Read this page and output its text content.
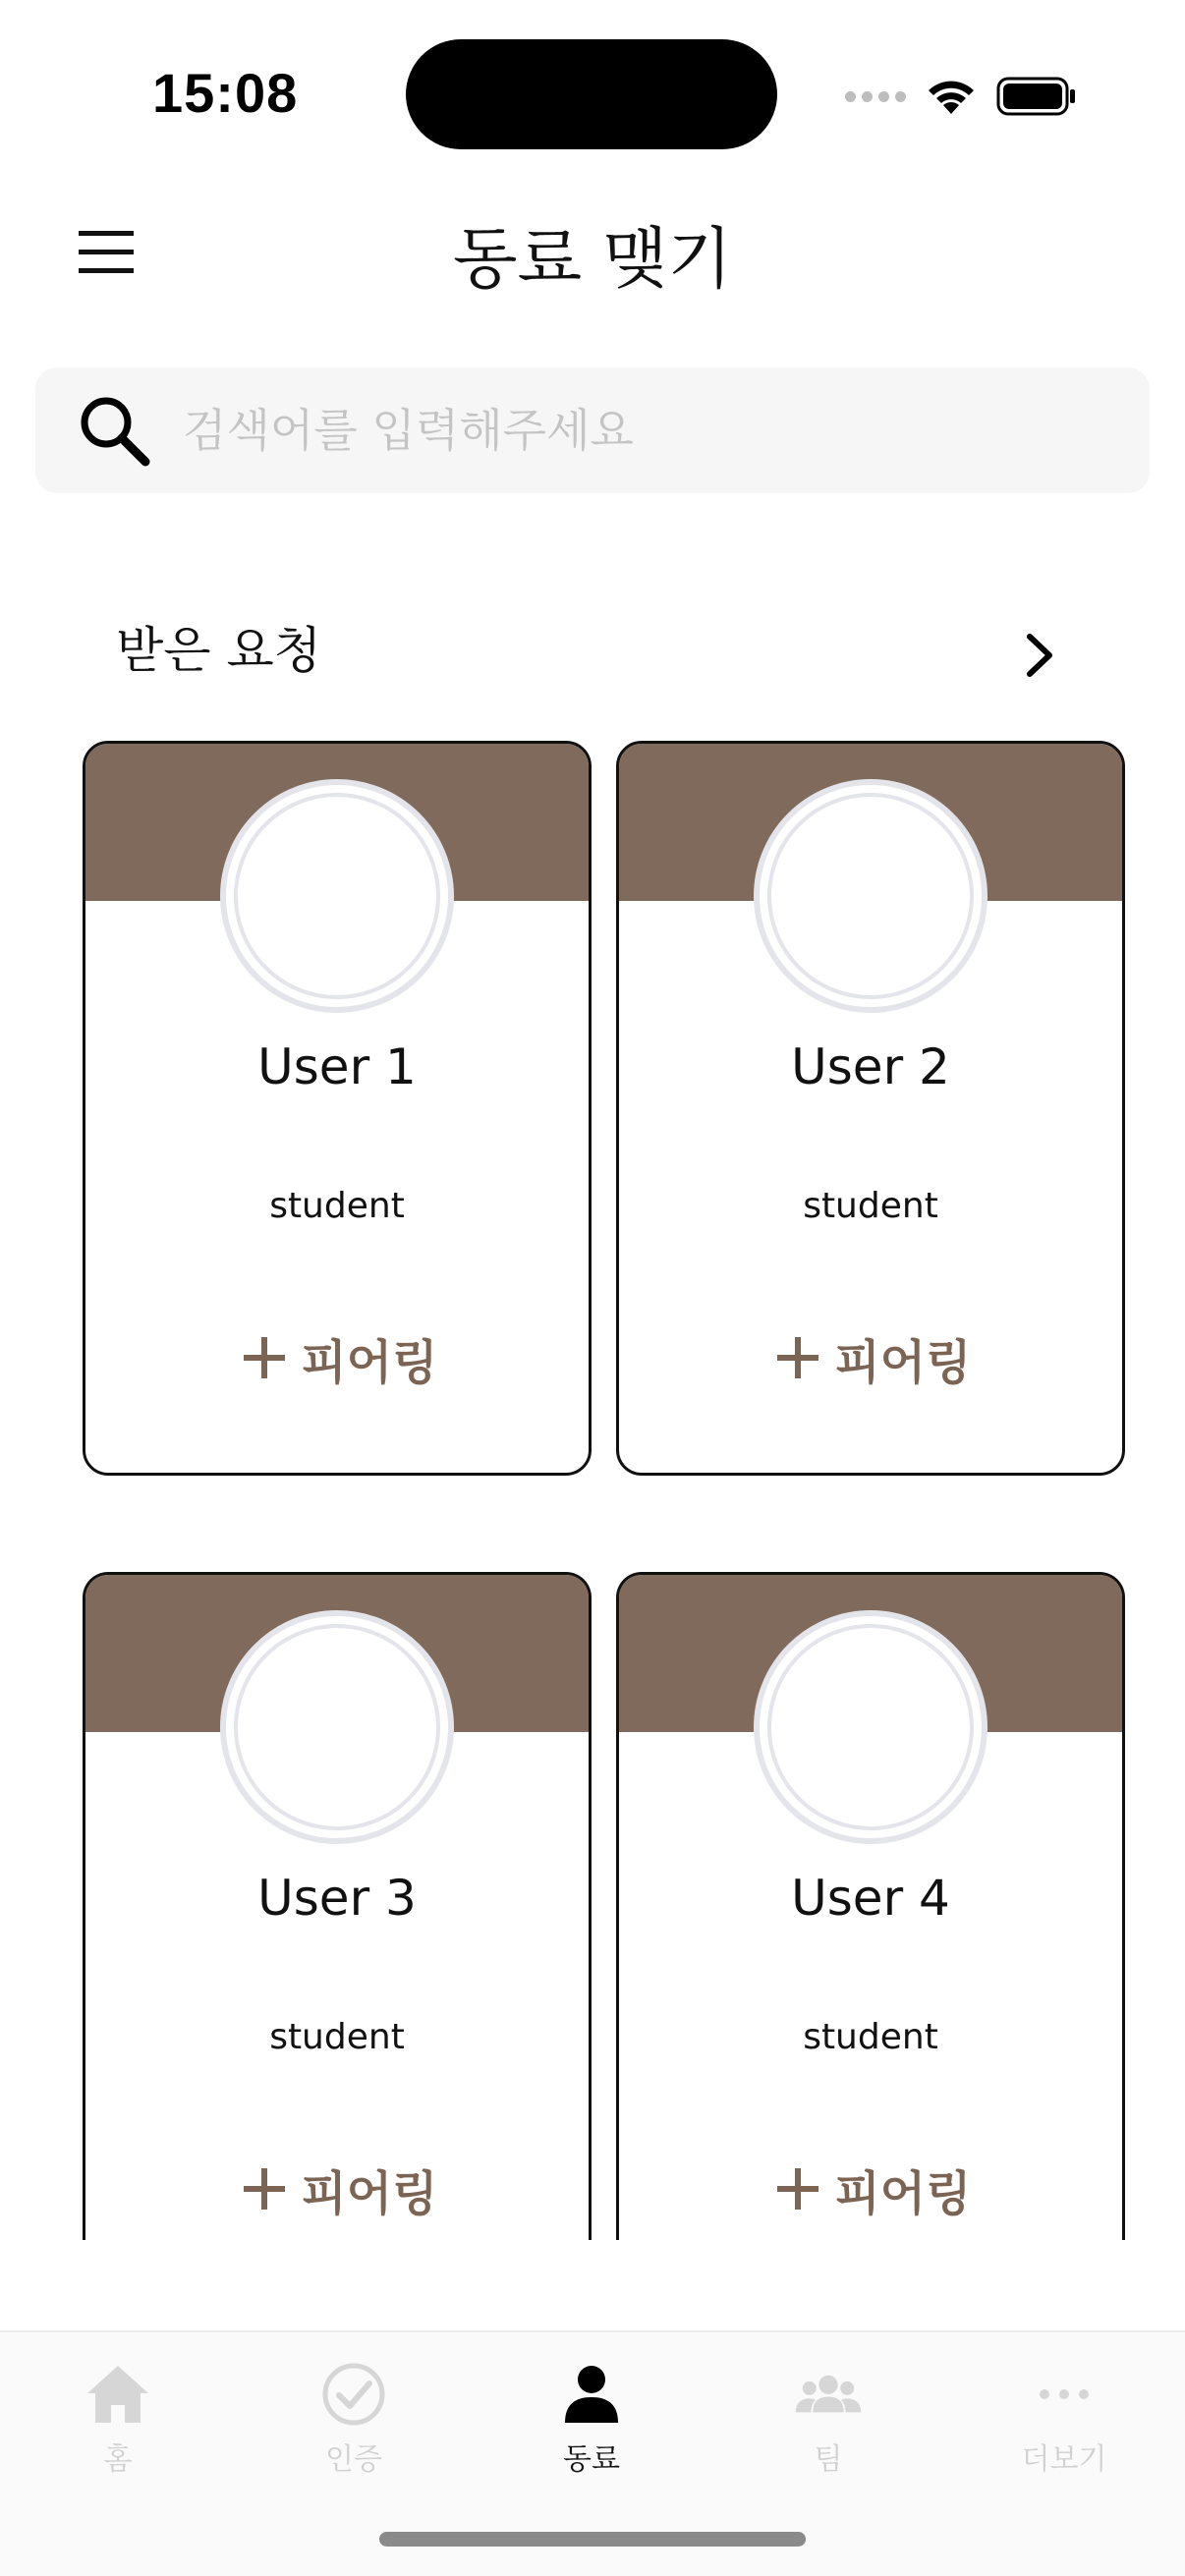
15:08
동료 맺기
검색어를 입력해주세요
받은 요청
User 1
student
피어링
User 2
student
피어링
User 3
student
피어링
User 4
student
피어링
홈	인증	동료	팀	더보기
